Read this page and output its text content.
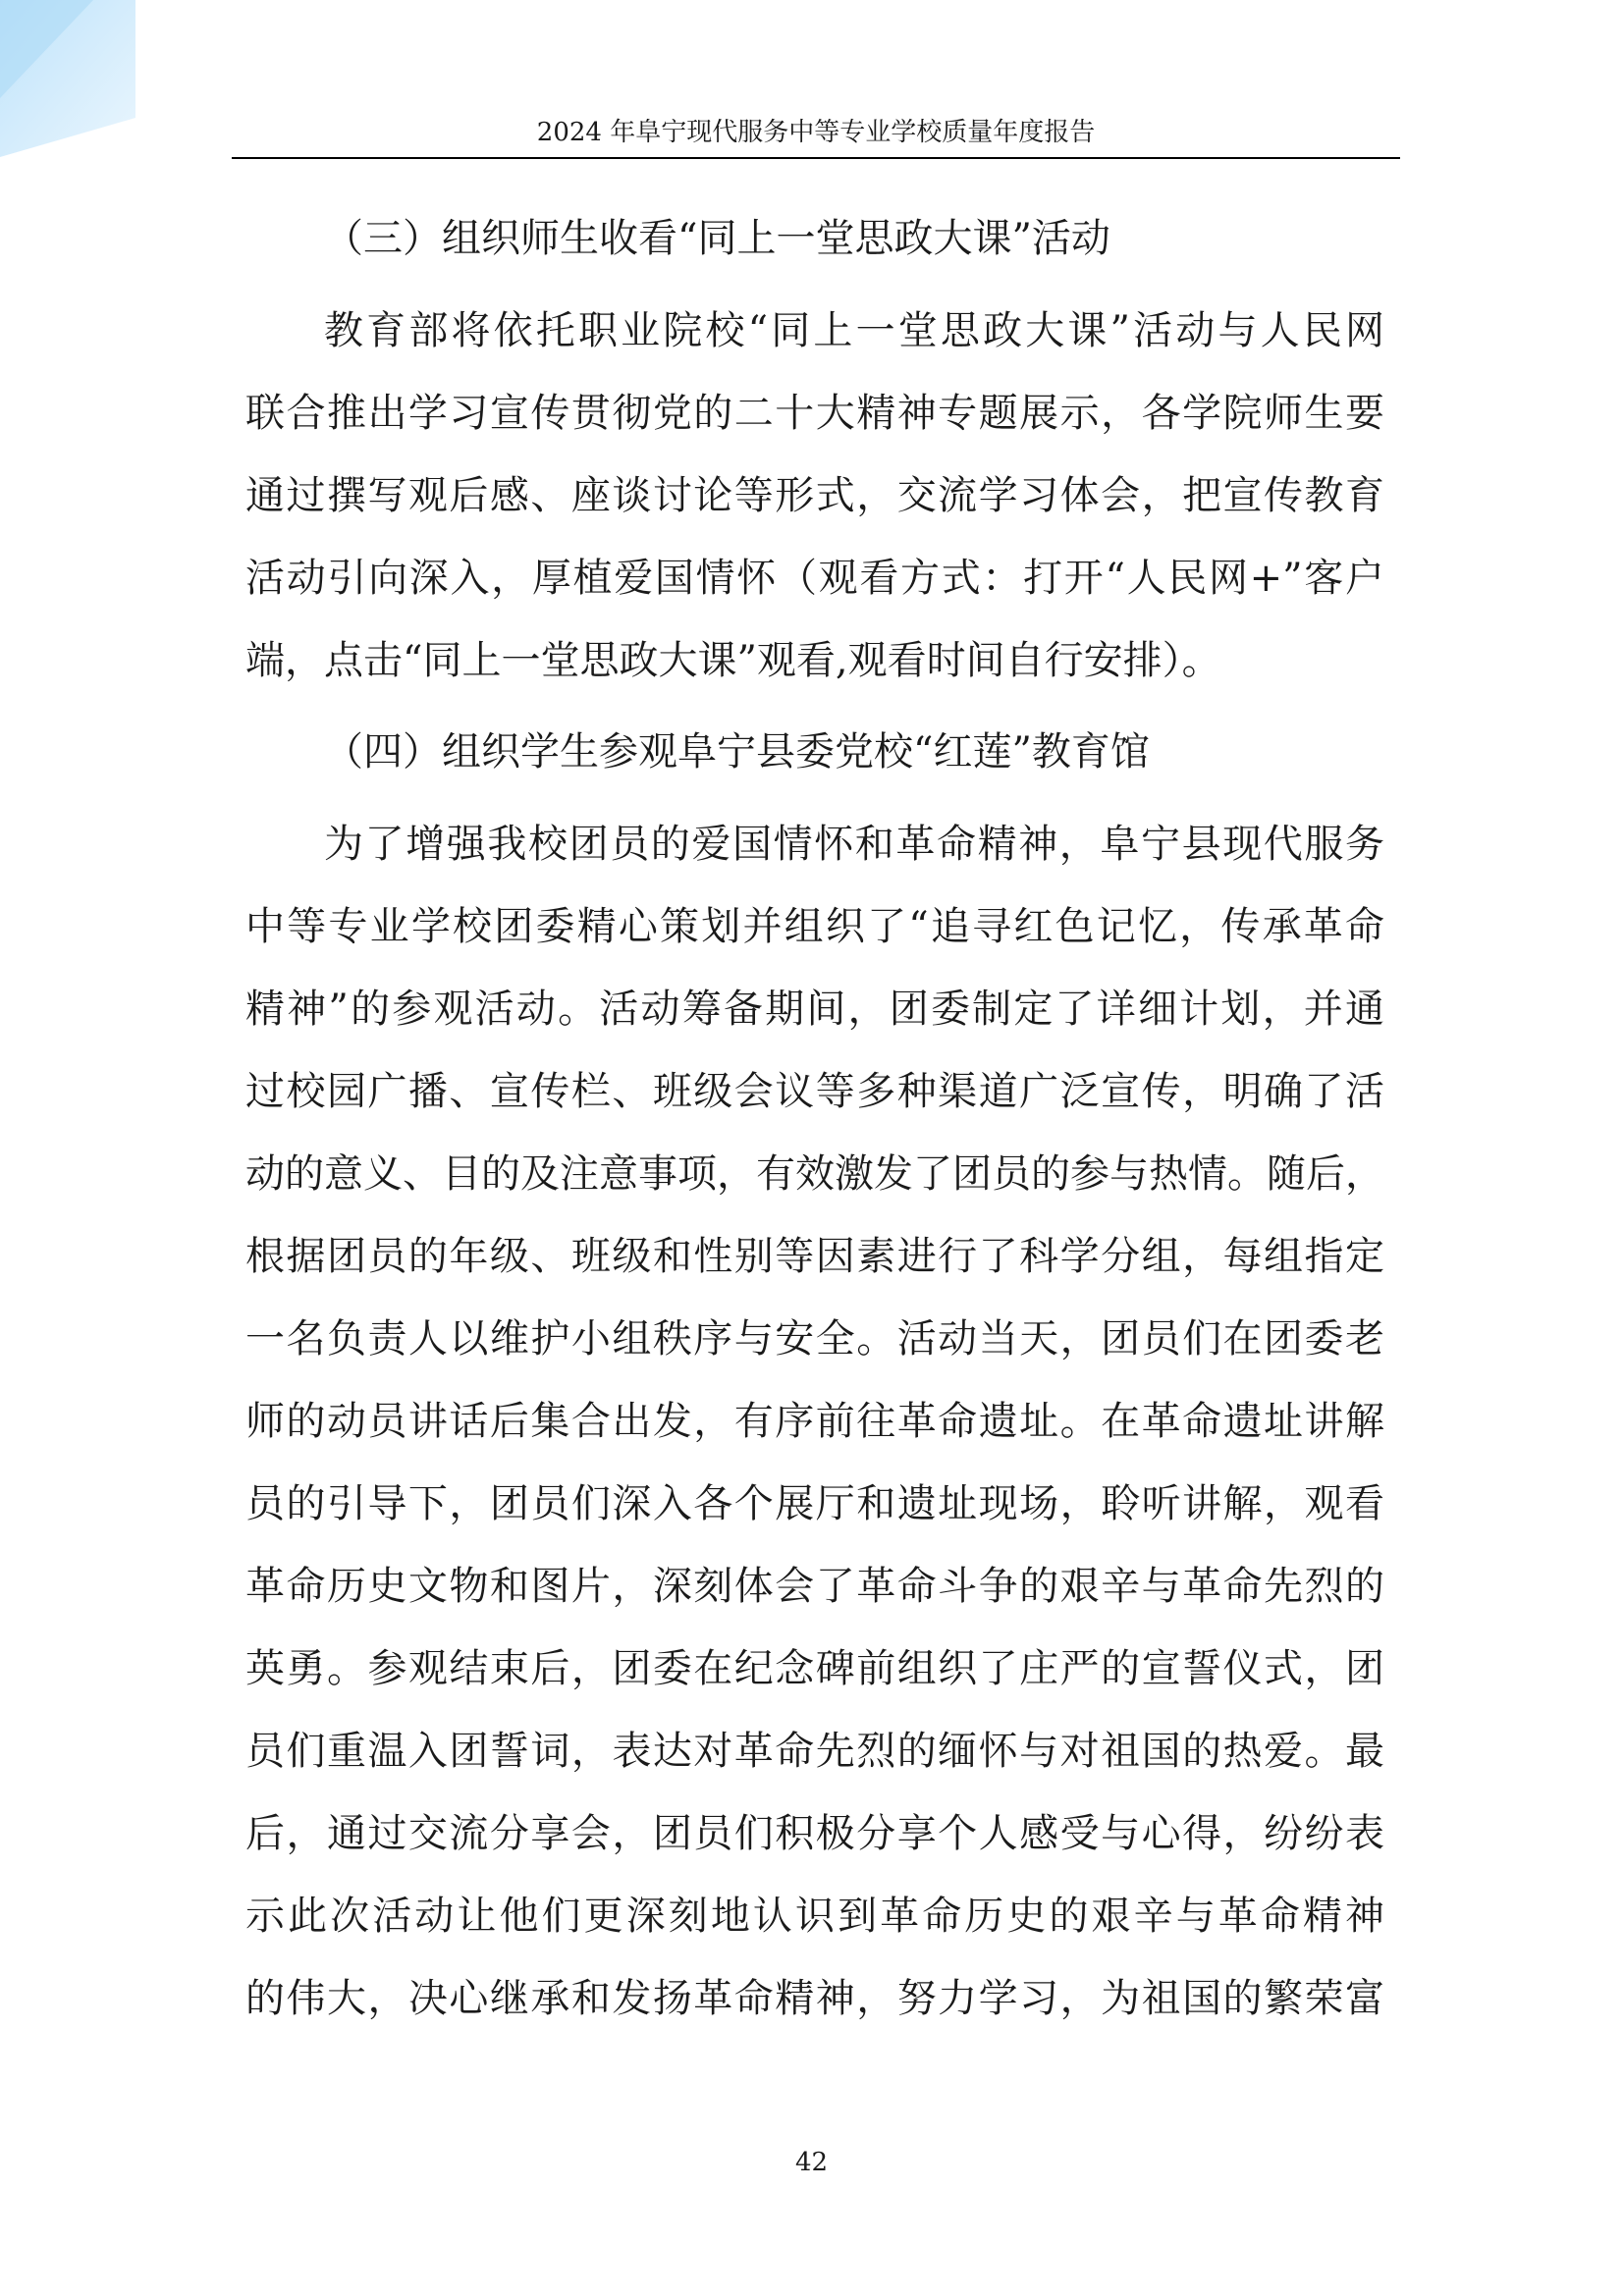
2024 年阜宁现代服务中等专业学校质量年度报告
（三）组织师生收看“同上一堂思政大课”活动
教育部将依托职业院校“同上一堂思政大课”活动与人民网
联合推出学习宣传贯彻党的二十大精神专题展示，各学院师生要
通过撰写观后感、座谈讨论等形式，交流学习体会，把宣传教育
活动引向深入，厚植爱国情怀（观看方式：打开“人民网+”客户
端，点击“同上一堂思政大课”观看,观看时间自行安排）。
（四）组织学生参观阜宁县委党校“红莲”教育馆
为了增强我校团员的爱国情怀和革命精神，阜宁县现代服务
中等专业学校团委精心策划并组织了“追寻红色记忆，传承革命
精神”的参观活动。活动筹备期间，团委制定了详细计划，并通
过校园广播、宣传栏、班级会议等多种渠道广泛宣传，明确了活
动的意义、目的及注意事项，有效激发了团员的参与热情。随后，
根据团员的年级、班级和性别等因素进行了科学分组，每组指定
一名负责人以维护小组秩序与安全。活动当天，团员们在团委老
师的动员讲话后集合出发，有序前往革命遗址。在革命遗址讲解
员的引导下，团员们深入各个展厅和遗址现场，聆听讲解，观看
革命历史文物和图片，深刻体会了革命斗争的艰辛与革命先烈的
英勇。参观结束后，团委在纪念碑前组织了庄严的宣誓仪式，团
员们重温入团誓词，表达对革命先烈的缅怀与对祖国的热爱。最
后，通过交流分享会，团员们积极分享个人感受与心得，纷纷表
示此次活动让他们更深刻地认识到革命历史的艰辛与革命精神
的伟大，决心继承和发扬革命精神，努力学习，为祖国的繁荣富
42
